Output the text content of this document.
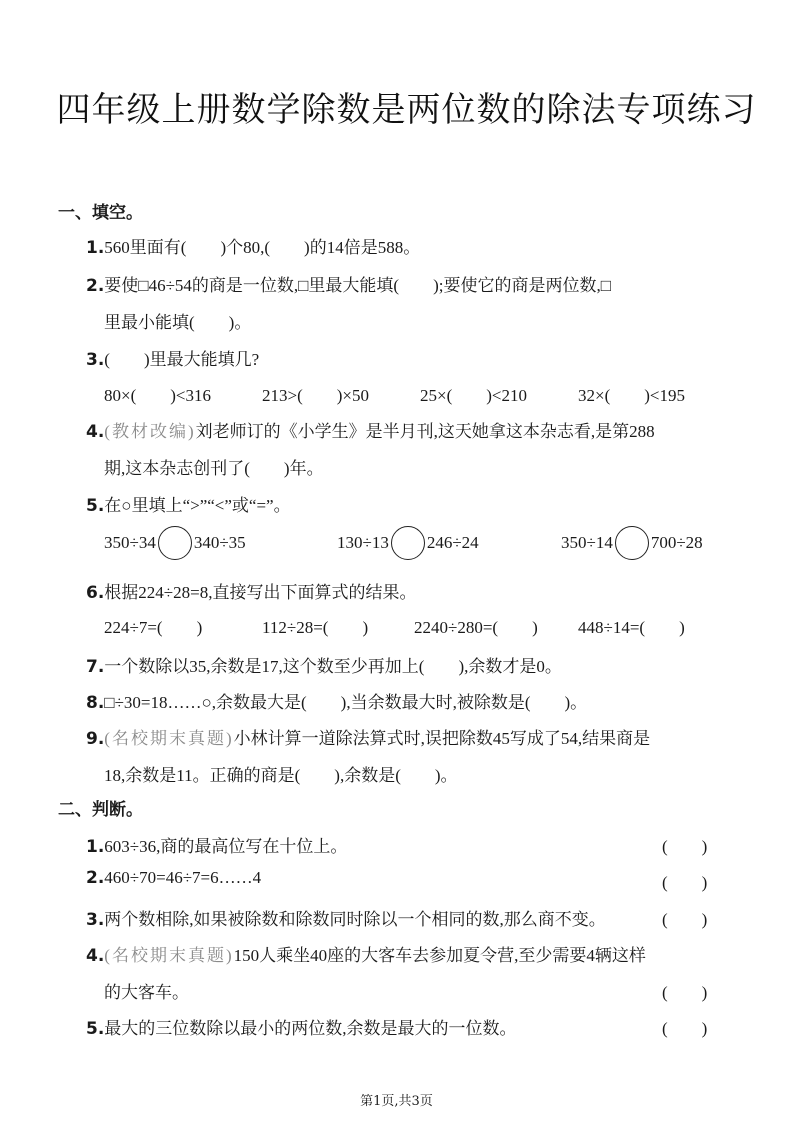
四年级上册数学除数是两位数的除法专项练习
一、填空。
1.560里面有(　　)个80,(　　)的14倍是588。
2.要使□46÷54的商是一位数,□里最大能填(　　);要使它的商是两位数,□
里最小能填(　　)。
3.(　　)里最大能填几?
80×(　　)<316	213>(　　)×50	25×(　　)<210	32×(　　)<195
4.(教材改编)刘老师订的《小学生》是半月刊,这天她拿这本杂志看,是第288
期,这本杂志创刊了(　　)年。
5.在○里填上“>”“<”或“=”。
350÷34 340÷35	130÷13 246÷24	350÷14 700÷28
6.根据224÷28=8,直接写出下面算式的结果。
224÷7=(　　)	112÷28=(　　)	2240÷280=(　　) 448÷14=(　　)
7.一个数除以35,余数是17,这个数至少再加上(　　),余数才是0。
8.□÷30=18……○,余数最大是(　　),当余数最大时,被除数是(　　)。
9.(名校期末真题)小林计算一道除法算式时,误把除数45写成了54,结果商是
18,余数是11。正确的商是(　　),余数是(　　)。
二、判断。
1.603÷36,商的最高位写在十位上。	(　　)
2.460÷70=46÷7=6……4	(　　)
3.两个数相除,如果被除数和除数同时除以一个相同的数,那么商不变。	(　　)
4.(名校期末真题)150人乘坐40座的大客车去参加夏令营,至少需要4辆这样
的大客车。	(　　)
5.最大的三位数除以最小的两位数,余数是最大的一位数。	(　　)
第1页,共3页
